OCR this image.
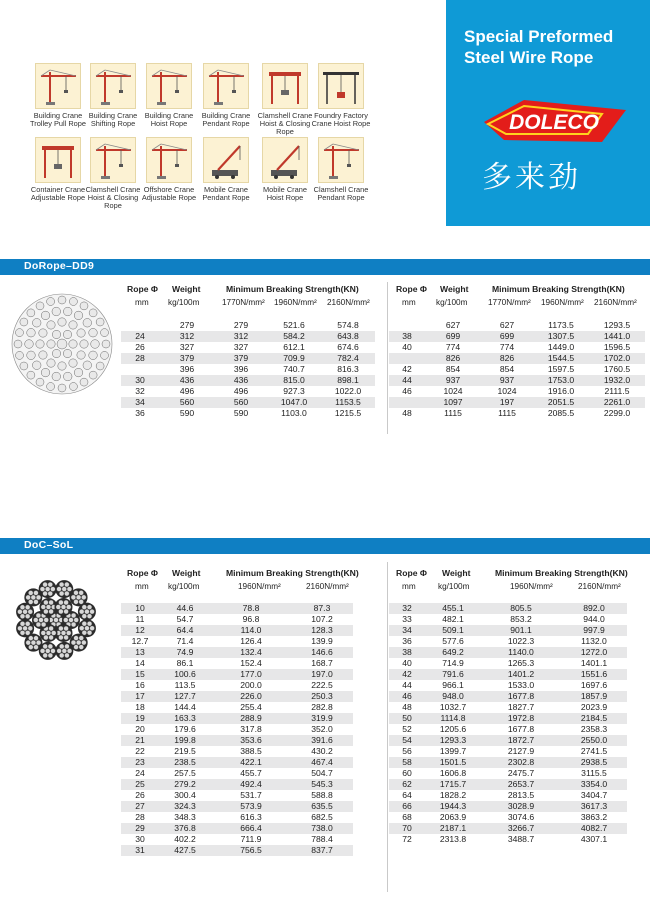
Special Preformed
Steel Wire Rope
DOLECO
多来劲
Building Crane
Trolley Pull Rope
Building Crane
Shifting Rope
Building Crane
Hoist Rope
Building Crane
Pendant Rope
Clamshell Crane
Hoist & Closing
Rope
Foundry Factory
Crane Hoist Rope
Container Crane
Adjustable Rope
Clamshell Crane
Hoist & Closing
Rope
Offshore Crane
Adjustable Rope
Mobile Crane
Pendant Rope
Mobile Crane
Hoist Rope
Clamshell Crane
Pendant Rope
DoRope–DD9
Rope Φ
mm
Weight
kg/100m
Minimum Breaking Strength(KN)
1770N/mm² 1960N/mm² 2160N/mm²
Rope Φ
mm
Weight
kg/100m
Minimum Breaking Strength(KN)
1770N/mm² 1960N/mm² 2160N/mm²
	279	279	521.6	574.8
24	312	312	584.2	643.8
26	327	327	612.1	674.6
28	379	379	709.9	782.4
	396	396	740.7	816.3
30	436	436	815.0	898.1
32	496	496	927.3	1022.0
34	560	560	1047.0	1153.5
36	590	590	1103.0	1215.5
	627	627	1173.5	1293.5
38	699	699	1307.5	1441.0
40	774	774	1449.0	1596.5
	826	826	1544.5	1702.0
42	854	854	1597.5	1760.5
44	937	937	1753.0	1932.0
46	1024	1024	1916.0	2111.5
	1097	197	2051.5	2261.0
48	1115	1115	2085.5	2299.0
DoC–SoL
Rope Φ
mm
Weight
kg/100m
Minimum Breaking Strength(KN)
1960N/mm²	2160N/mm²
Rope Φ
mm
Weight
kg/100m
Minimum Breaking Strength(KN)
1960N/mm²	2160N/mm²
10	44.6	78.8	87.3
11	54.7	96.8	107.2
12	64.4	114.0	128.3
12.7	71.4	126.4	139.9
13	74.9	132.4	146.6
14	86.1	152.4	168.7
15	100.6	177.0	197.0
16	113.5	200.0	222.5
17	127.7	226.0	250.3
18	144.4	255.4	282.8
19	163.3	288.9	319.9
20	179.6	317.8	352.0
21	199.8	353.6	391.6
22	219.5	388.5	430.2
23	238.5	422.1	467.4
24	257.5	455.7	504.7
25	279.2	492.4	545.3
26	300.4	531.7	588.8
27	324.3	573.9	635.5
28	348.3	616.3	682.5
29	376.8	666.4	738.0
30	402.2	711.9	788.4
31	427.5	756.5	837.7
32	455.1	805.5	892.0
33	482.1	853.2	944.0
34	509.1	901.1	997.9
36	577.6	1022.3	1132.0
38	649.2	1140.0	1272.0
40	714.9	1265.3	1401.1
42	791.6	1401.2	1551.6
44	966.1	1533.0	1697.6
46	948.0	1677.8	1857.9
48	1032.7	1827.7	2023.9
50	1114.8	1972.8	2184.5
52	1205.6	1677.8	2358.3
54	1293.3	1872.7	2550.0
56	1399.7	2127.9	2741.5
58	1501.5	2302.8	2938.5
60	1606.8	2475.7	3115.5
62	1715.7	2653.7	3354.0
64	1828.2	2813.5	3404.7
66	1944.3	3028.9	3617.3
68	2063.9	3074.6	3863.2
70	2187.1	3266.7	4082.7
72	2313.8	3488.7	4307.1
